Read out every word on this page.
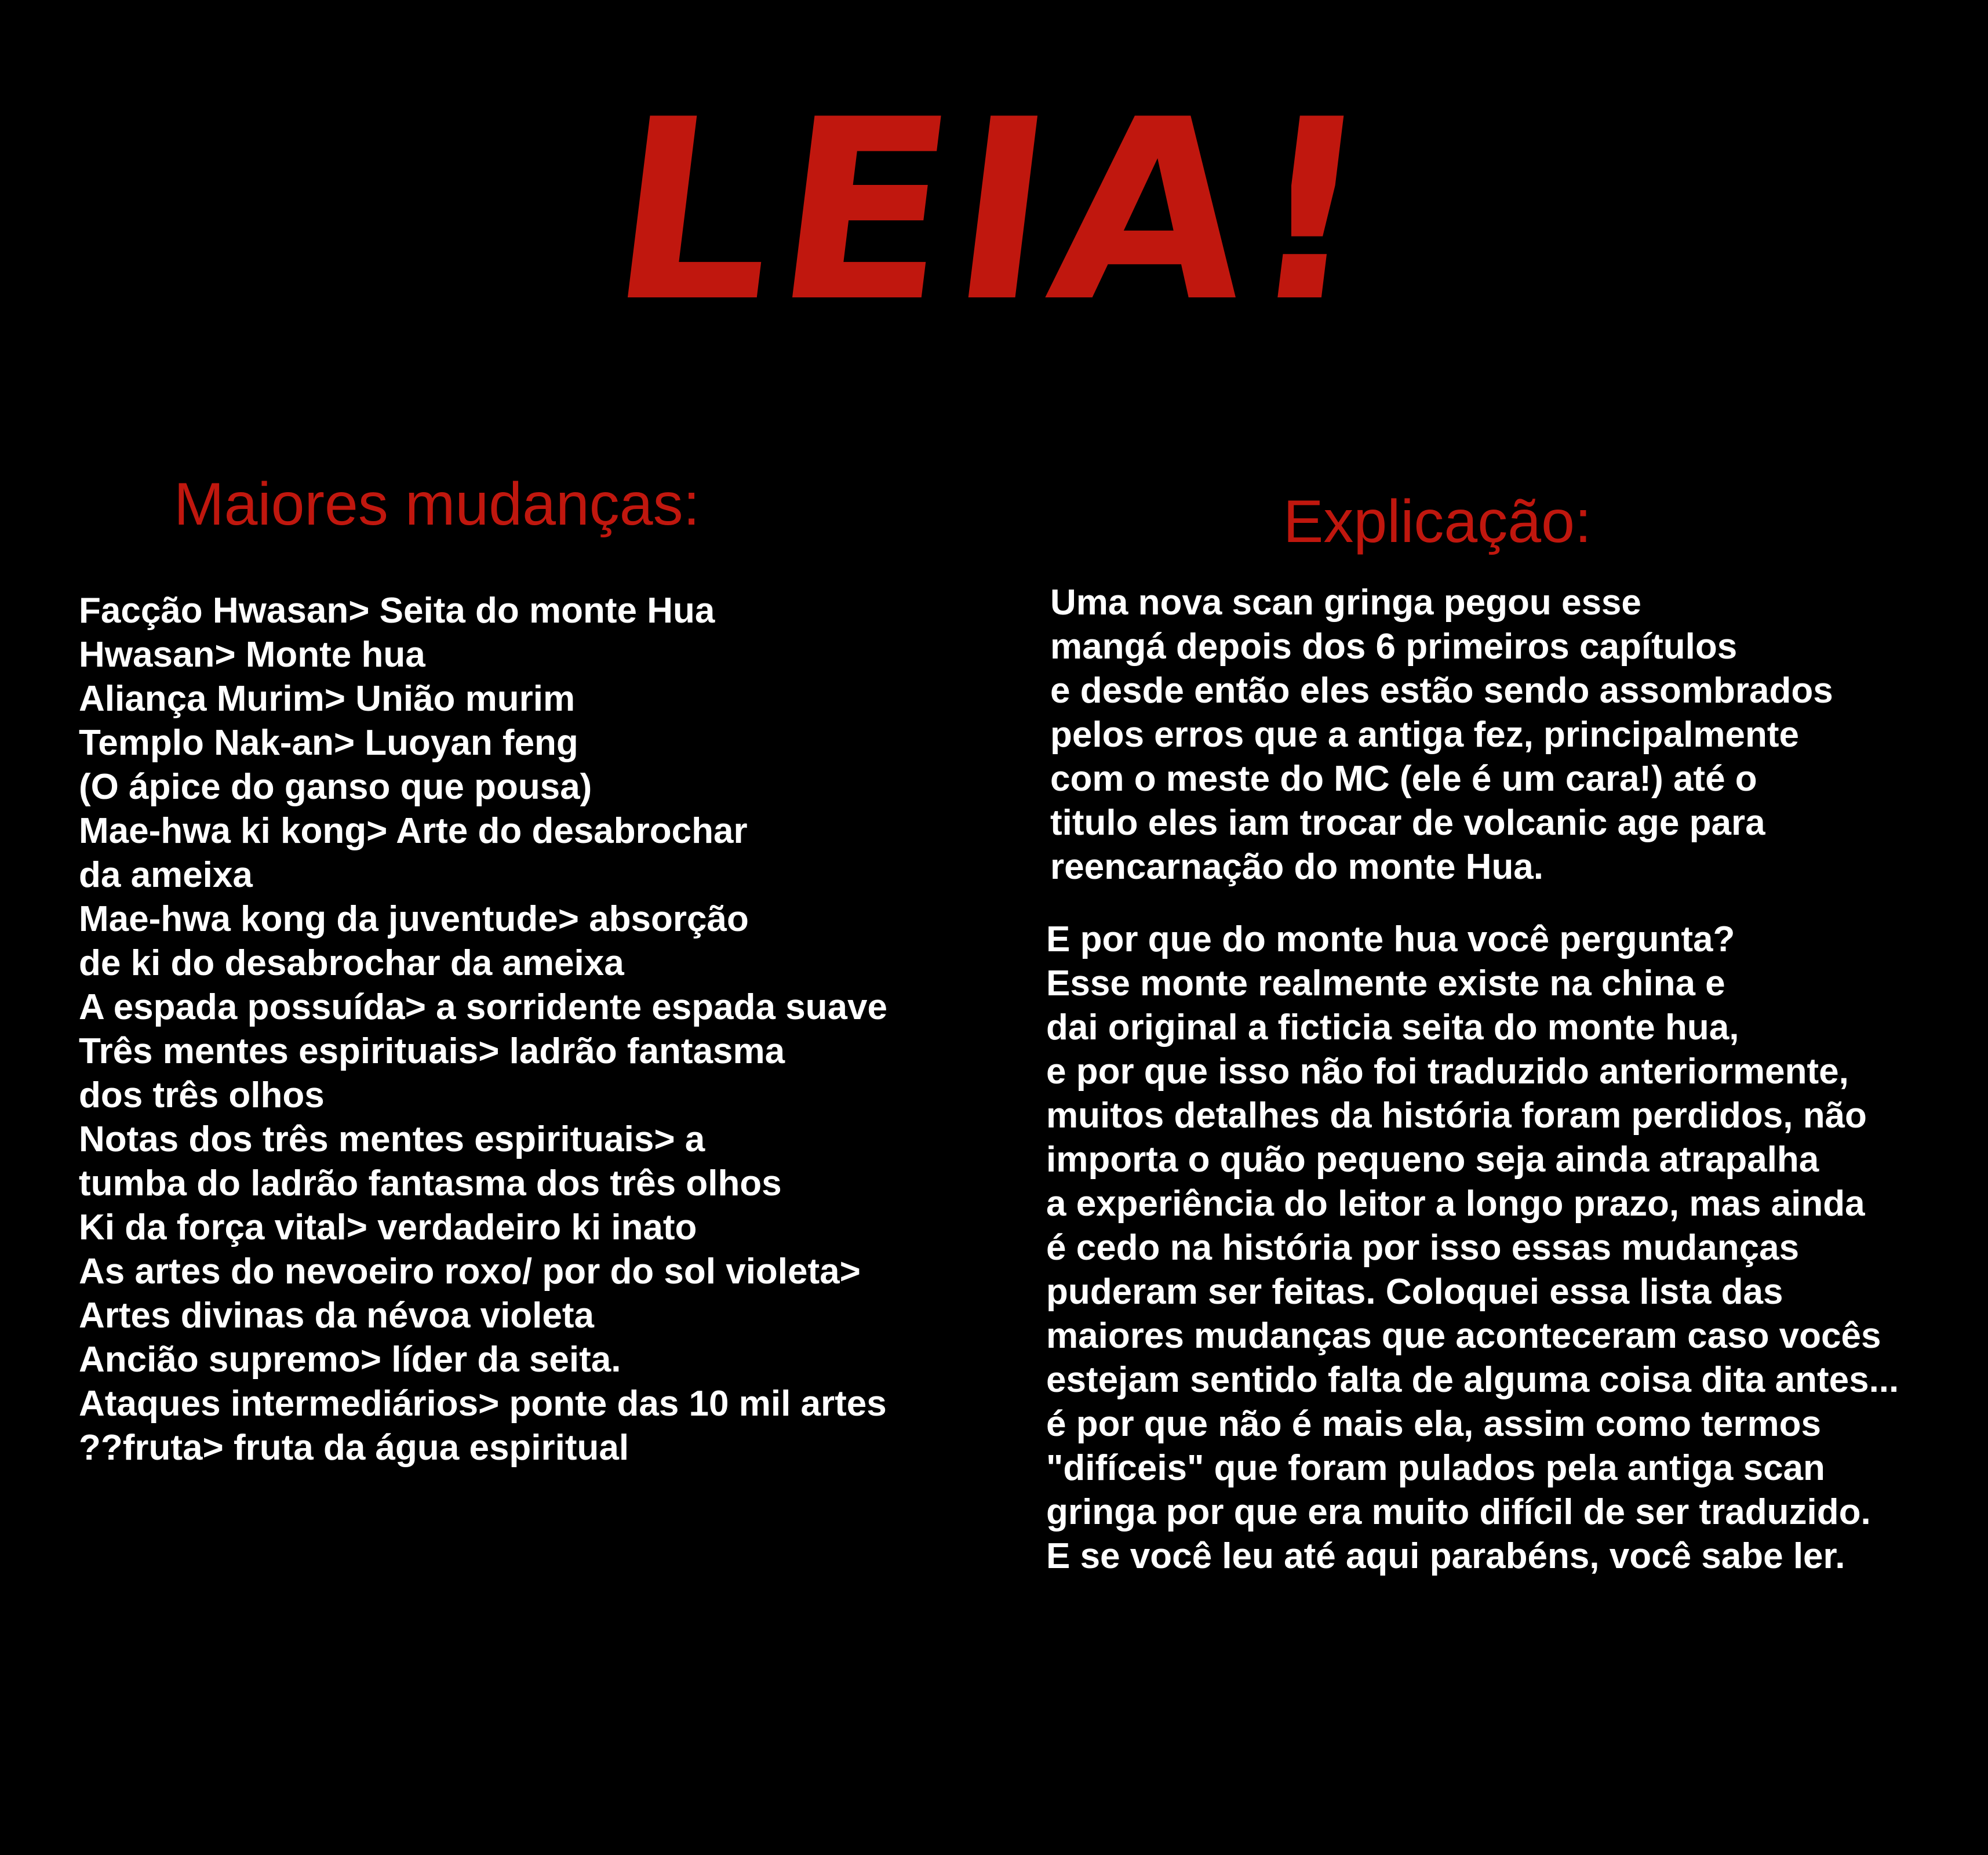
LEIA!
Maiores mudanças:
Facção Hwasan> Seita do monte Hua
Hwasan> Monte hua
Aliança Murim> União murim
Templo Nak-an> Luoyan feng
(O ápice do ganso que pousa)
Mae-hwa ki kong> Arte do desabrochar
da ameixa
Mae-hwa kong da juventude> absorção
de ki do desabrochar da ameixa
A espada possuída> a sorridente espada suave
Três mentes espirituais> ladrão fantasma
dos três olhos
Notas dos três mentes espirituais> a
tumba do ladrão fantasma dos três olhos
Ki da força vital> verdadeiro ki inato
As artes do nevoeiro roxo/ por do sol violeta>
Artes divinas da névoa violeta
Ancião supremo> líder da seita.
Ataques intermediários> ponte das 10 mil artes
??fruta> fruta da água espiritual
Explicação:
Uma nova scan gringa pegou esse
mangá depois dos 6 primeiros capítulos
e desde então eles estão sendo assombrados
pelos erros que a antiga fez, principalmente
com o meste do MC (ele é um cara!) até o
titulo eles iam trocar de volcanic age para
reencarnação do monte Hua.
E por que do monte hua você pergunta?
Esse monte realmente existe na china e
dai original a ficticia seita do monte hua,
e por que isso não foi traduzido anteriormente,
muitos detalhes da história foram perdidos, não
importa o quão pequeno seja ainda atrapalha
a experiência do leitor a longo prazo, mas ainda
é cedo na história por isso essas mudanças
puderam ser feitas. Coloquei essa lista das
maiores mudanças que aconteceram caso vocês
estejam sentido falta de alguma coisa dita antes...
é por que não é mais ela, assim como termos
"difíceis" que foram pulados pela antiga scan
gringa por que era muito difícil de ser traduzido.
E se você leu até aqui parabéns, você sabe ler.
